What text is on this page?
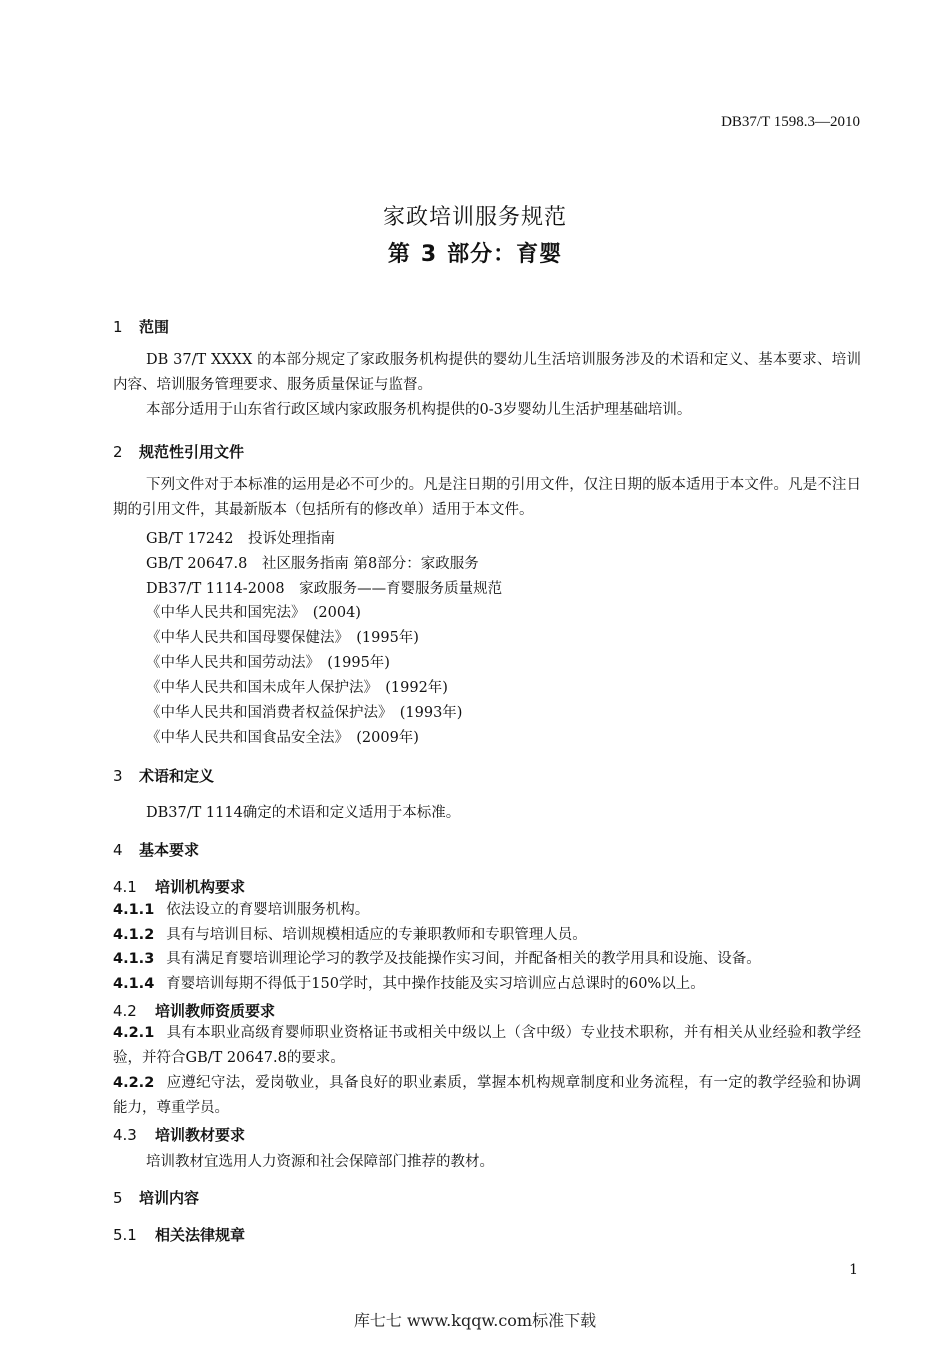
DB37/T 1598.3—2010
家政培训服务规范
第 3 部分：育婴
1 范围
DB 37/T XXXX 的本部分规定了家政服务机构提供的婴幼儿生活培训服务涉及的术语和定义、基本要求、培训内容、培训服务管理要求、服务质量保证与监督。
本部分适用于山东省行政区域内家政服务机构提供的0-3岁婴幼儿生活护理基础培训。
2 规范性引用文件
下列文件对于本标准的运用是必不可少的。凡是注日期的引用文件，仅注日期的版本适用于本文件。凡是不注日期的引用文件，其最新版本（包括所有的修改单）适用于本文件。
GB/T 17242　投诉处理指南
GB/T 20647.8　社区服务指南 第8部分：家政服务
DB37/T 1114-2008　家政服务——育婴服务质量规范
《中华人民共和国宪法》　(2004)
《中华人民共和国母婴保健法》　(1995年)
《中华人民共和国劳动法》　(1995年)
《中华人民共和国未成年人保护法》　(1992年)
《中华人民共和国消费者权益保护法》　(1993年)
《中华人民共和国食品安全法》　(2009年)
3 术语和定义
DB37/T 1114确定的术语和定义适用于本标准。
4 基本要求
4.1 培训机构要求
4.1.1 依法设立的育婴培训服务机构。
4.1.2 具有与培训目标、培训规模相适应的专兼职教师和专职管理人员。
4.1.3 具有满足育婴培训理论学习的教学及技能操作实习间，并配备相关的教学用具和设施、设备。
4.1.4 育婴培训每期不得低于150学时，其中操作技能及实习培训应占总课时的60%以上。
4.2 培训教师资质要求
4.2.1 具有本职业高级育婴师职业资格证书或相关中级以上（含中级）专业技术职称，并有相关从业经验和教学经验，并符合GB/T 20647.8的要求。
4.2.2 应遵纪守法，爱岗敬业，具备良好的职业素质，掌握本机构规章制度和业务流程，有一定的教学经验和协调能力，尊重学员。
4.3 培训教材要求
培训教材宜选用人力资源和社会保障部门推荐的教材。
5 培训内容
5.1 相关法律规章
1
库七七 www.kqqw.com标准下载
